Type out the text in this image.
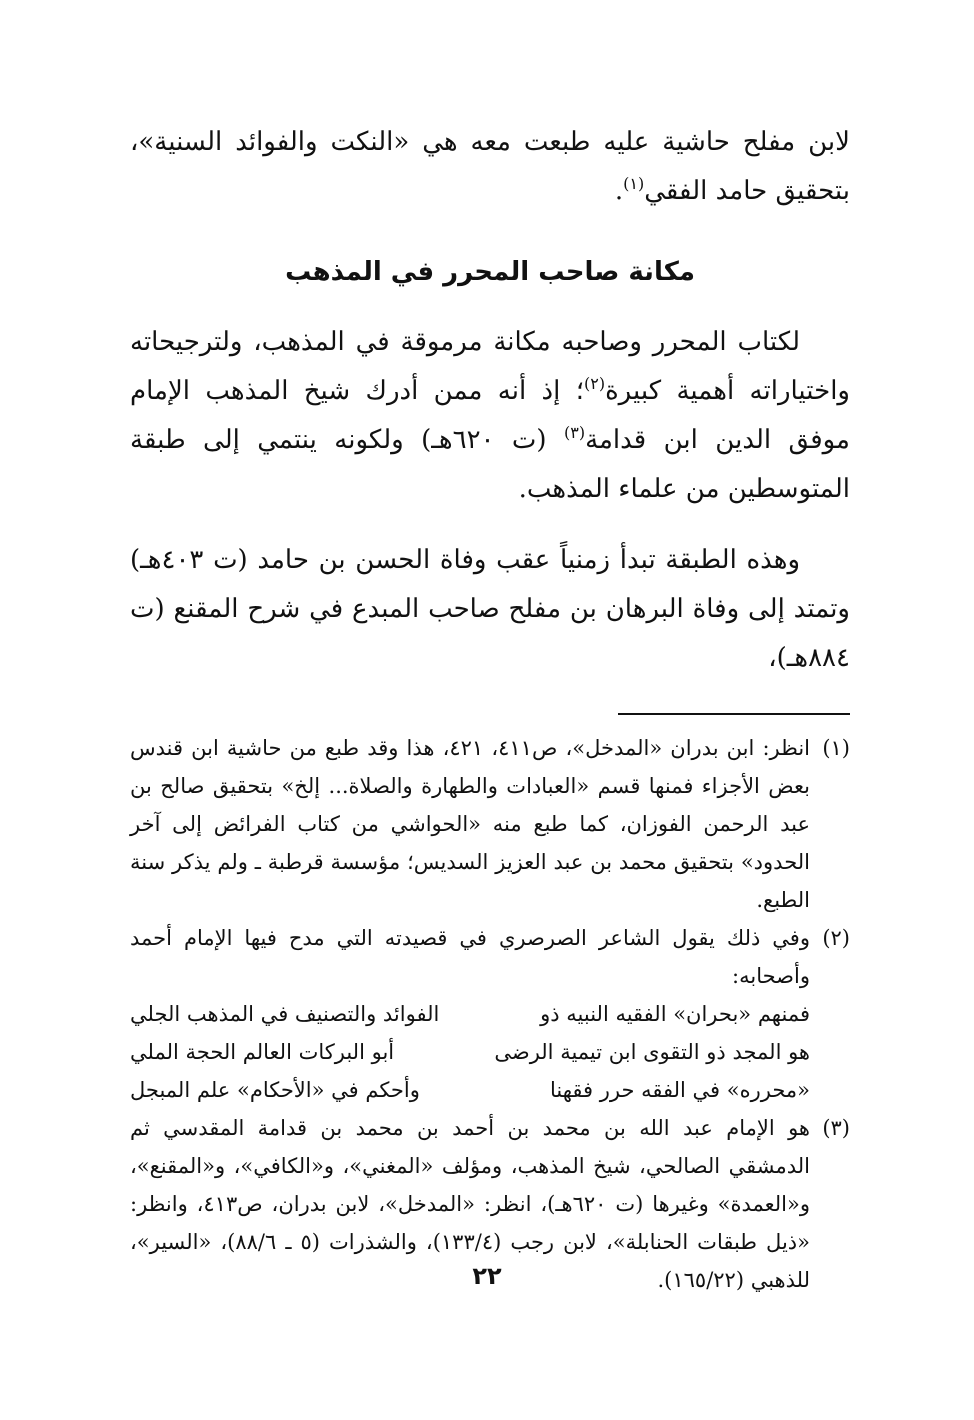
لابن مفلح حاشية عليه طبعت معه هي «النكت والفوائد السنية»، بتحقيق حامد الفقي$^{(١)}$.

مكانة صاحب المحرر في المذهب

لكتاب المحرر وصاحبه مكانة مرموقة في المذهب، ولترجيحاته واختياراته أهمية كبيرة$^{(٢)}$؛ إذ أنه ممن أدرك شيخ المذهب الإمام موفق الدين ابن قدامة$^{(٣)}$ (ت ٦٢٠هـ) ولكونه ينتمي إلى طبقة المتوسطين من علماء المذهب.

وهذه الطبقة تبدأ زمنياً عقب وفاة الحسن بن حامد (ت ٤٠٣هـ) وتمتد إلى وفاة البرهان بن مفلح صاحب المبدع في شرح المقنع (ت ٨٨٤هـ)،

(١)
انظر: ابن بدران «المدخل»، ص٤١١، ٤٢١، هذا وقد طبع من حاشية ابن قندس بعض الأجزاء فمنها قسم «العبادات والطهارة والصلاة... إلخ» بتحقيق صالح بن عبد الرحمن الفوزان، كما طبع منه «الحواشي من كتاب الفرائض إلى آخر الحدود» بتحقيق محمد بن عبد العزيز السديس؛ مؤسسة قرطبة ـ ولم يذكر سنة الطبع.
(٢)
وفي ذلك يقول الشاعر الصرصري في قصيدته التي مدح فيها الإمام أحمد وأصحابه:
فمنهم «بحران» الفقيه النبيه ذو
الفوائد والتصنيف في المذهب الجلي
هو المجد ذو التقوى ابن تيمية الرضى
أبو البركات العالم الحجة الملي
«محرره» في الفقه حرر فقهنا
وأحكم في «الأحكام» علم المبجل
(٣)
هو الإمام عبد الله بن محمد بن أحمد بن محمد بن قدامة المقدسي ثم الدمشقي الصالحي، شيخ المذهب، ومؤلف «المغني»، و«الكافي»، و«المقنع»، و«العمدة» وغيرها (ت ٦٢٠هـ)، انظر: «المدخل»، لابن بدران، ص٤١٣، وانظر: «ذيل طبقات الحنابلة»، لابن رجب (١٣٣/٤)، والشذرات (٥ ـ ٨٨/٦)، «السير»، للذهبي (١٦٥/٢٢).
٢٢
